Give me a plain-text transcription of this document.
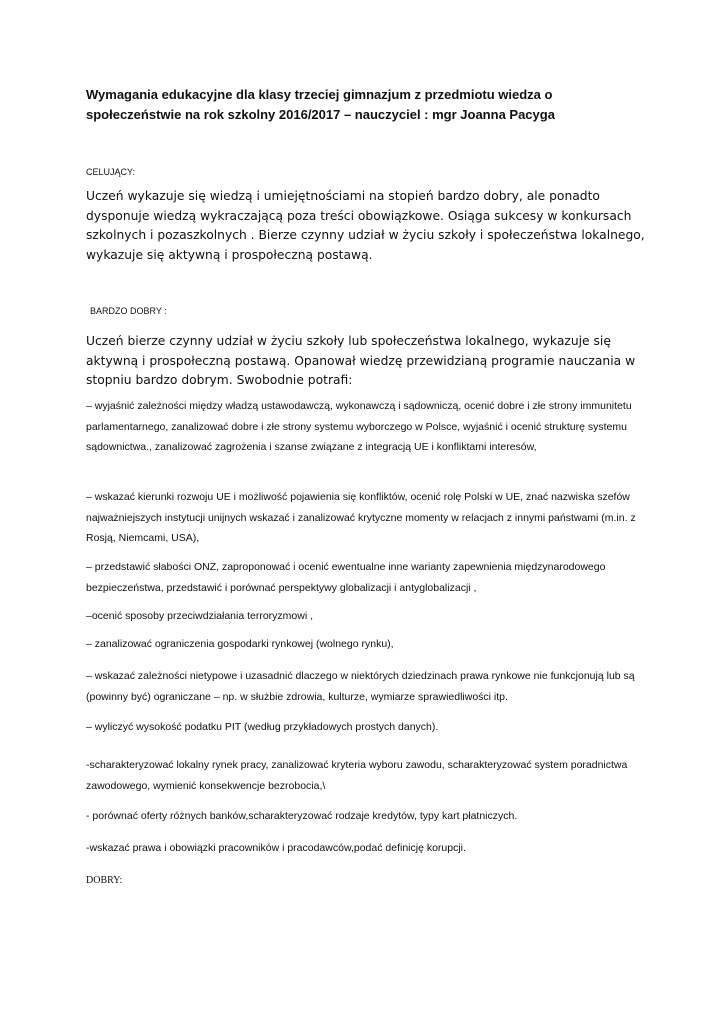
Wymagania edukacyjne dla klasy trzeciej gimnazjum z przedmiotu wiedza o społeczeństwie na rok szkolny 2016/2017 – nauczyciel : mgr Joanna Pacyga

CELUJĄCY:

Uczeń wykazuje się wiedzą i umiejętnościami na stopień bardzo dobry, ale ponadto dysponuje wiedzą wykraczającą poza treści obowiązkowe. Osiąga sukcesy w konkursach szkolnych i pozaszkolnych . Bierze czynny udział w życiu szkoły i społeczeństwa lokalnego, wykazuje się aktywną i prospołeczną postawą.

BARDZO DOBRY :

Uczeń bierze czynny udział w życiu szkoły lub społeczeństwa lokalnego, wykazuje się aktywną i prospołeczną postawą. Opanował wiedzę przewidzianą programie nauczania w stopniu bardzo dobrym. Swobodnie potrafi:

– wyjaśnić zależności między władzą ustawodawczą, wykonawczą i sądowniczą, ocenić dobre i złe strony immunitetu parlamentarnego, zanalizować dobre i złe strony systemu wyborczego w Polsce, wyjaśnić i ocenić strukturę systemu sądownictwa., zanalizować zagrożenia i szanse związane z integracją UE i konfliktami interesów,

– wskazać kierunki rozwoju UE i możliwość pojawienia się konfliktów, ocenić rolę Polski w UE, znać nazwiska szefów najważniejszych instytucji unijnych wskazać i zanalizować krytyczne momenty w relacjach z innymi państwami (m.in. z Rosją, Niemcami, USA),

– przedstawić słabości ONZ, zaproponować i ocenić ewentualne inne warianty zapewnienia międzynarodowego bezpieczeństwa, przedstawić i porównać perspektywy globalizacji i antyglobalizacji ,

–ocenić sposoby przeciwdziałania terroryzmowi ,

– zanalizować ograniczenia gospodarki rynkowej (wolnego rynku),

– wskazać zależności nietypowe i uzasadnić dlaczego w niektórych dziedzinach prawa rynkowe nie funkcjonują lub są (powinny być) ograniczane – np. w służbie zdrowia, kulturze, wymiarze sprawiedliwości itp.

– wyliczyć wysokość podatku PIT (według przykładowych prostych danych).

-scharakteryzować lokalny rynek pracy, zanalizować kryteria wyboru zawodu, scharakteryzować system poradnictwa zawodowego, wymienić konsekwencje bezrobocia,\

- porównać oferty różnych banków,scharakteryzować rodzaje kredytów, typy kart płatniczych.

-wskazać prawa i obowiązki pracowników i pracodawców,podać definicję korupcji.

DOBRY:
